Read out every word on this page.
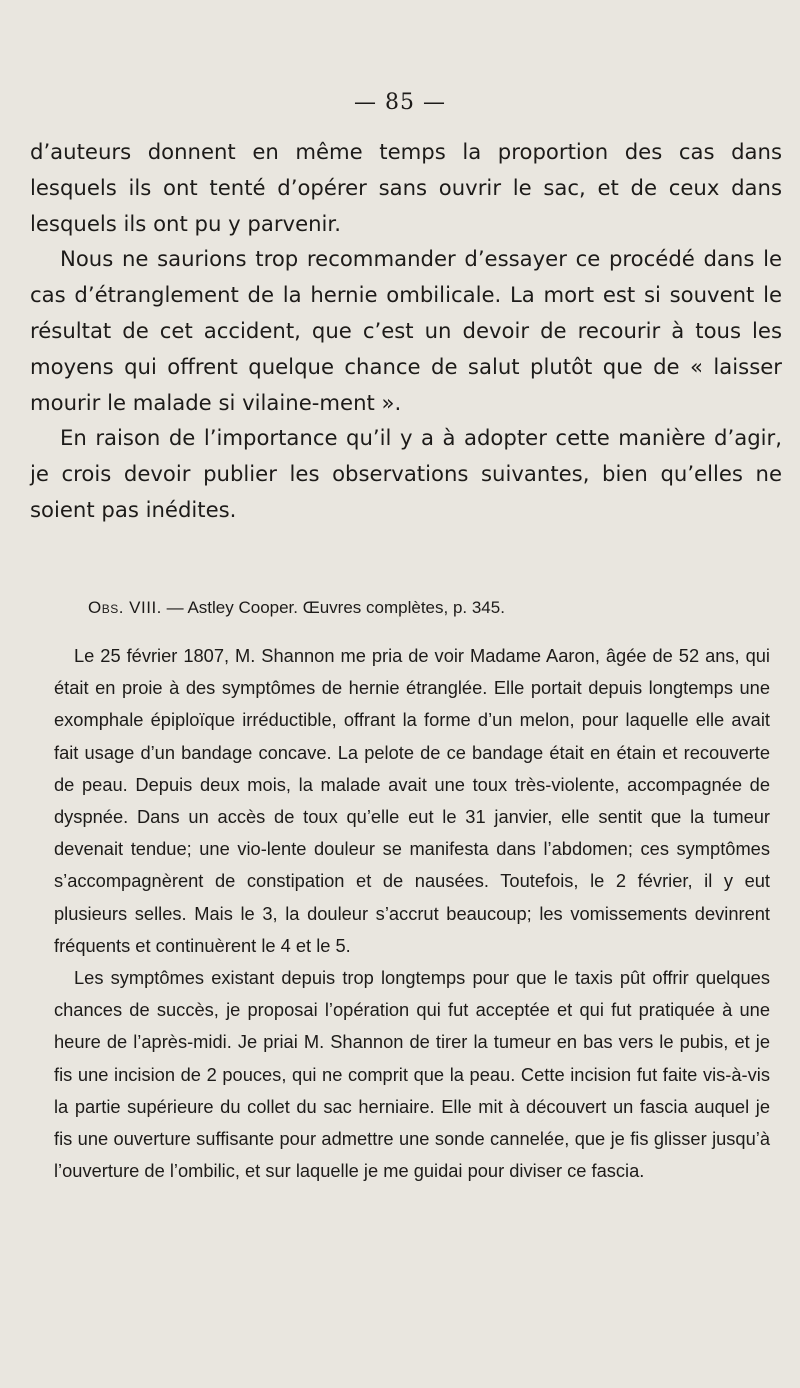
— 85 —

d’auteurs donnent en même temps la proportion des cas dans lesquels ils ont tenté d’opérer sans ouvrir le sac, et de ceux dans lesquels ils ont pu y parvenir.

Nous ne saurions trop recommander d’essayer ce procédé dans le cas d’étranglement de la hernie ombilicale. La mort est si souvent le résultat de cet accident, que c’est un devoir de recourir à tous les moyens qui offrent quelque chance de salut plutôt que de « laisser mourir le malade si vilaine-ment ».

En raison de l’importance qu’il y a à adopter cette manière d’agir, je crois devoir publier les observations suivantes, bien qu’elles ne soient pas inédites.

Obs. VIII. — Astley Cooper. Œuvres complètes, p. 345.

Le 25 février 1807, M. Shannon me pria de voir Madame Aaron, âgée de 52 ans, qui était en proie à des symptômes de hernie étranglée. Elle portait depuis longtemps une exomphale épiploïque irréductible, offrant la forme d’un melon, pour laquelle elle avait fait usage d’un bandage concave. La pelote de ce bandage était en étain et recouverte de peau. Depuis deux mois, la malade avait une toux très-violente, accompagnée de dyspnée. Dans un accès de toux qu’elle eut le 31 janvier, elle sentit que la tumeur devenait tendue; une vio-lente douleur se manifesta dans l’abdomen; ces symptômes s’accompagnèrent de constipation et de nausées. Toutefois, le 2 février, il y eut plusieurs selles. Mais le 3, la douleur s’accrut beaucoup; les vomissements devinrent fréquents et continuèrent le 4 et le 5.

Les symptômes existant depuis trop longtemps pour que le taxis pût offrir quelques chances de succès, je proposai l’opération qui fut acceptée et qui fut pratiquée à une heure de l’après-midi. Je priai M. Shannon de tirer la tumeur en bas vers le pubis, et je fis une incision de 2 pouces, qui ne comprit que la peau. Cette incision fut faite vis-à-vis la partie supérieure du collet du sac herniaire. Elle mit à découvert un fascia auquel je fis une ouverture suffisante pour admettre une sonde cannelée, que je fis glisser jusqu’à l’ouverture de l’ombilic, et sur laquelle je me guidai pour diviser ce fascia.
